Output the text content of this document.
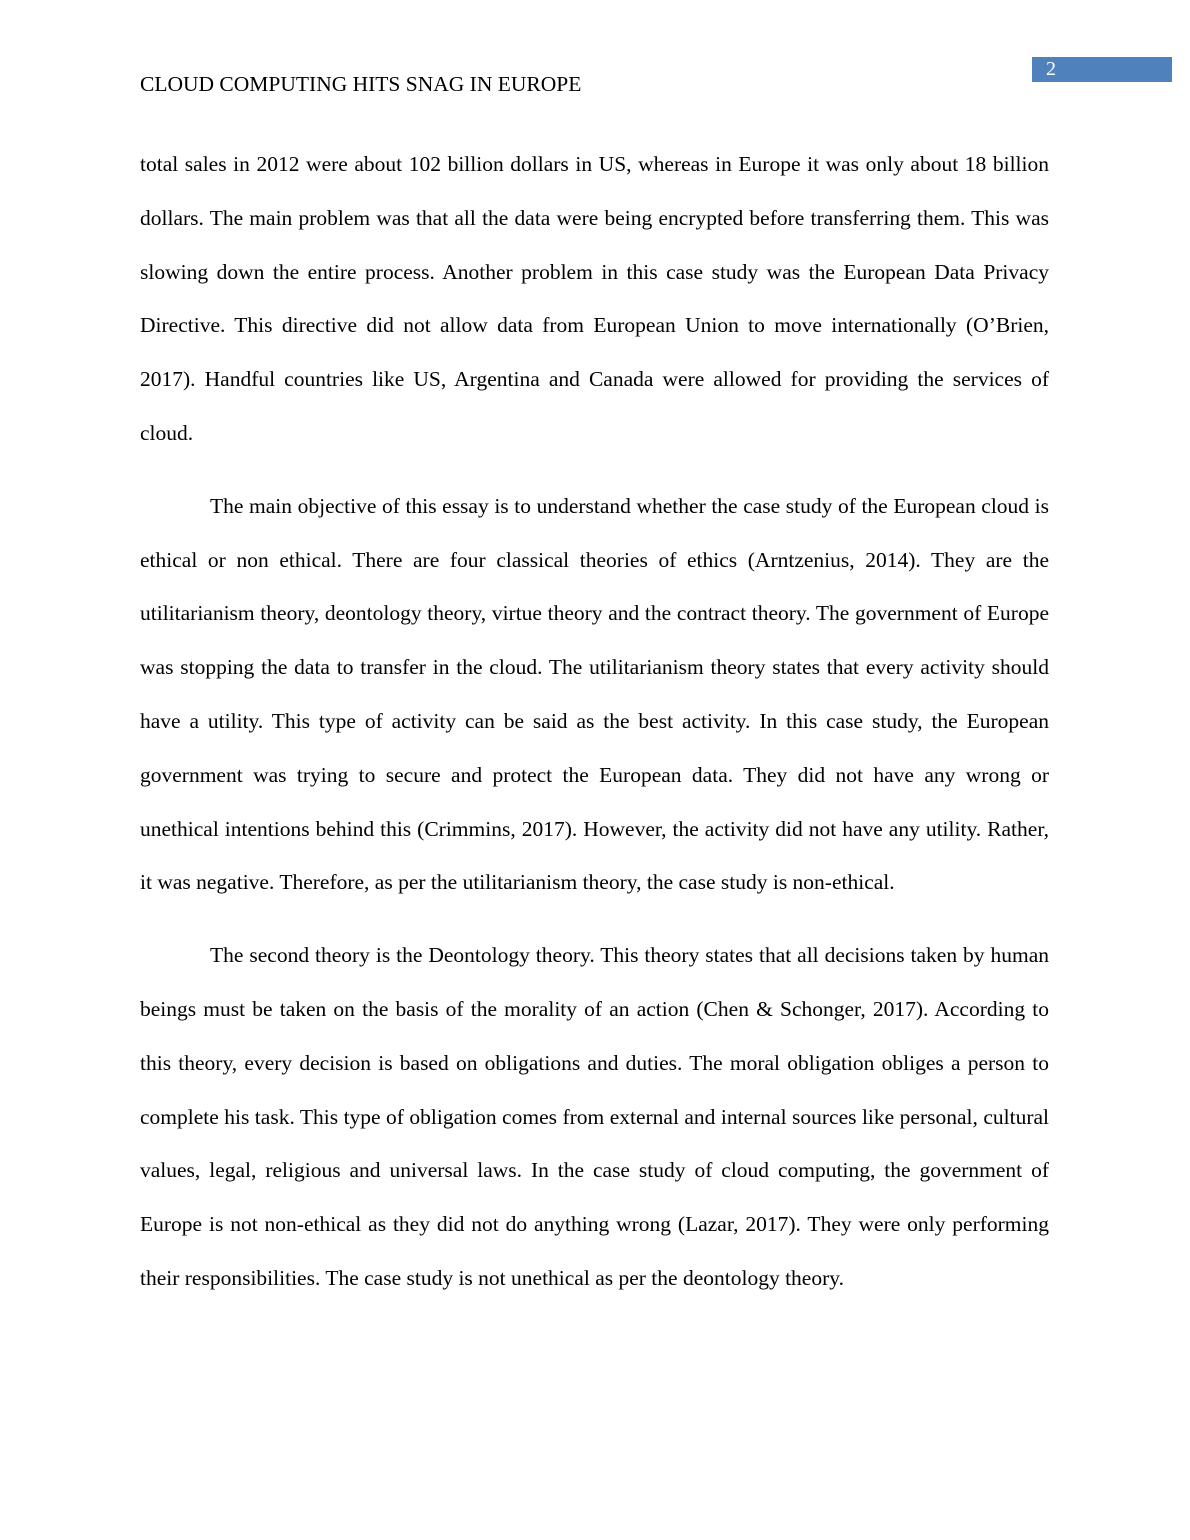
2
CLOUD COMPUTING HITS SNAG IN EUROPE

total sales in 2012 were about 102 billion dollars in US, whereas in Europe it was only about 18 billion dollars. The main problem was that all the data were being encrypted before transferring them. This was slowing down the entire process. Another problem in this case study was the European Data Privacy Directive. This directive did not allow data from European Union to move internationally (O’Brien, 2017). Handful countries like US, Argentina and Canada were allowed for providing the services of cloud.

The main objective of this essay is to understand whether the case study of the European cloud is ethical or non ethical. There are four classical theories of ethics (Arntzenius, 2014). They are the utilitarianism theory, deontology theory, virtue theory and the contract theory. The government of Europe was stopping the data to transfer in the cloud. The utilitarianism theory states that every activity should have a utility. This type of activity can be said as the best activity. In this case study, the European government was trying to secure and protect the European data. They did not have any wrong or unethical intentions behind this (Crimmins, 2017). However, the activity did not have any utility. Rather, it was negative. Therefore, as per the utilitarianism theory, the case study is non-ethical.

The second theory is the Deontology theory. This theory states that all decisions taken by human beings must be taken on the basis of the morality of an action (Chen & Schonger, 2017). According to this theory, every decision is based on obligations and duties. The moral obligation obliges a person to complete his task. This type of obligation comes from external and internal sources like personal, cultural values, legal, religious and universal laws. In the case study of cloud computing, the government of Europe is not non-ethical as they did not do anything wrong (Lazar, 2017). They were only performing their responsibilities. The case study is not unethical as per the deontology theory.
